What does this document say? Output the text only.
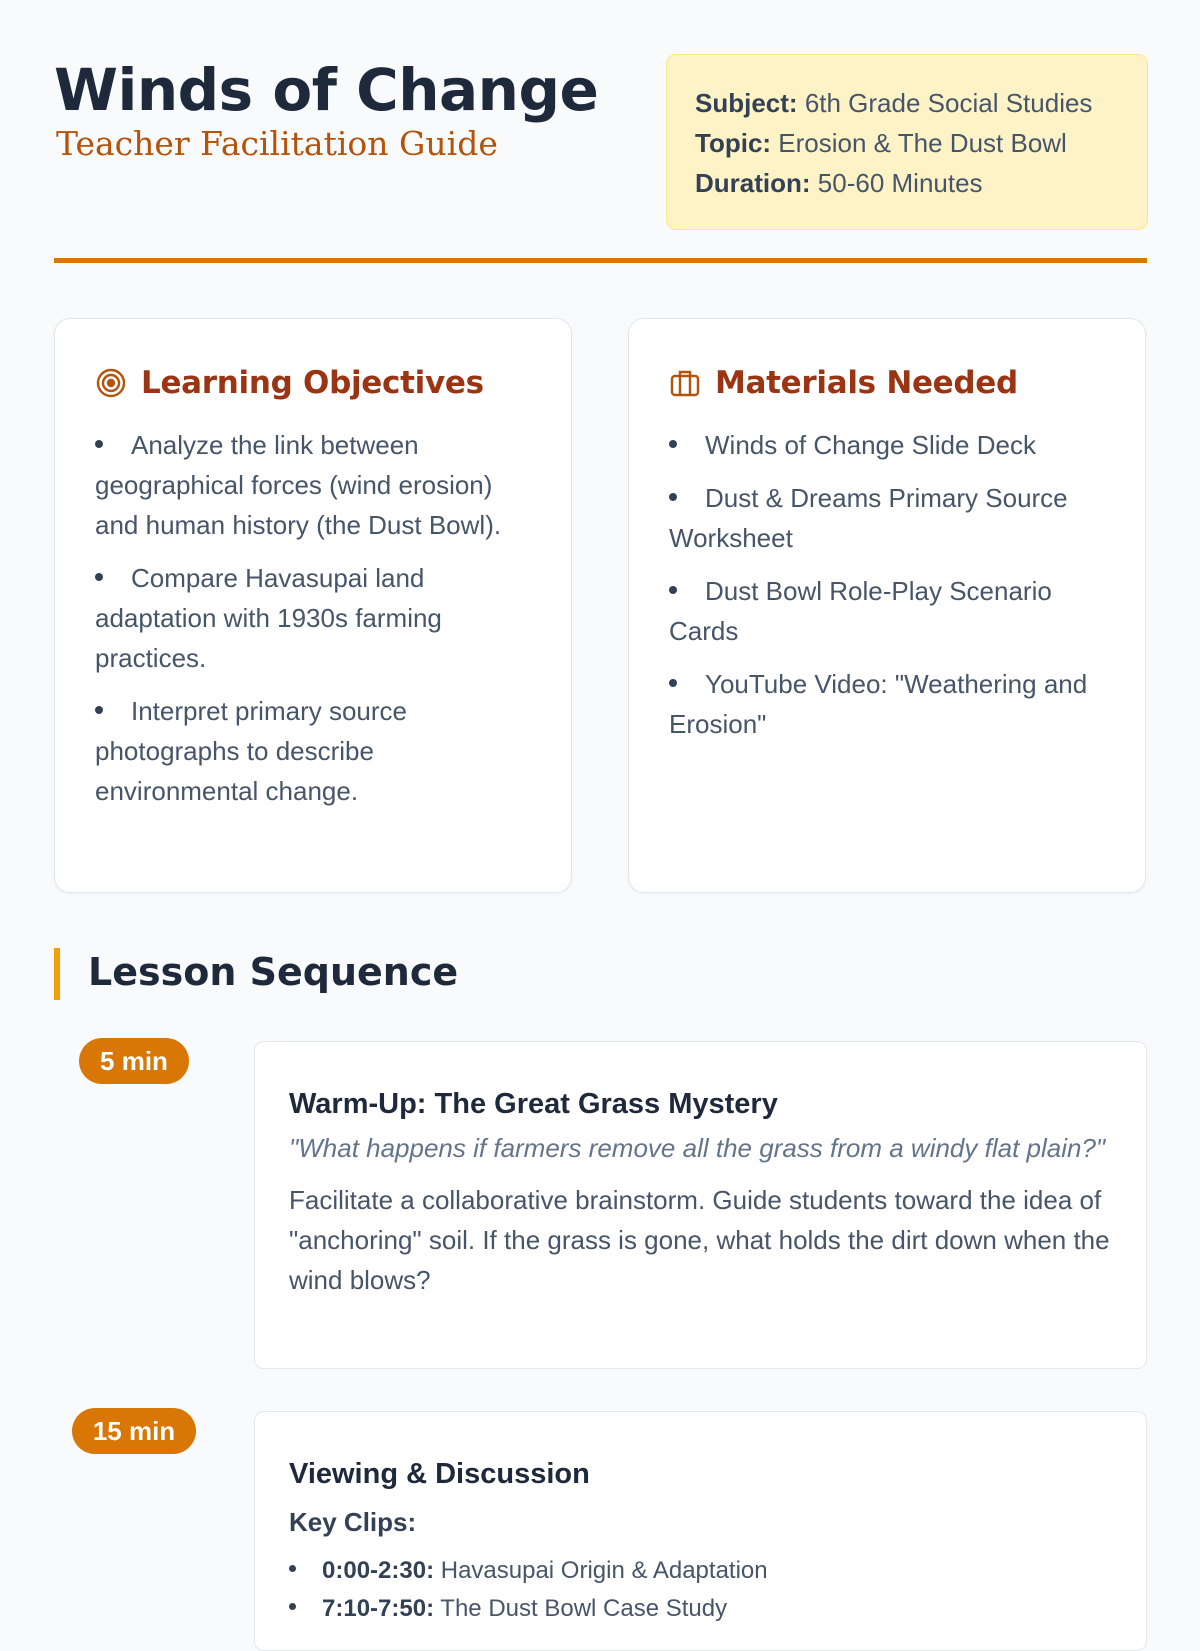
Winds of Change
Teacher Facilitation Guide
Subject: 6th Grade Social Studies
Topic: Erosion & The Dust Bowl
Duration: 50-60 Minutes
Learning Objectives
Analyze the link between geographical forces (wind erosion) and human history (the Dust Bowl).
Compare Havasupai land adaptation with 1930s farming practices.
Interpret primary source photographs to describe environmental change.
Materials Needed
Winds of Change Slide Deck
Dust & Dreams Primary Source Worksheet
Dust Bowl Role-Play Scenario Cards
YouTube Video: "Weathering and Erosion"
Lesson Sequence
5 min
Warm-Up: The Great Grass Mystery
"What happens if farmers remove all the grass from a windy flat plain?"
Facilitate a collaborative brainstorm. Guide students toward the idea of "anchoring" soil. If the grass is gone, what holds the dirt down when the wind blows?
15 min
Viewing & Discussion
Key Clips:
0:00-2:30: Havasupai Origin & Adaptation
7:10-7:50: The Dust Bowl Case Study
